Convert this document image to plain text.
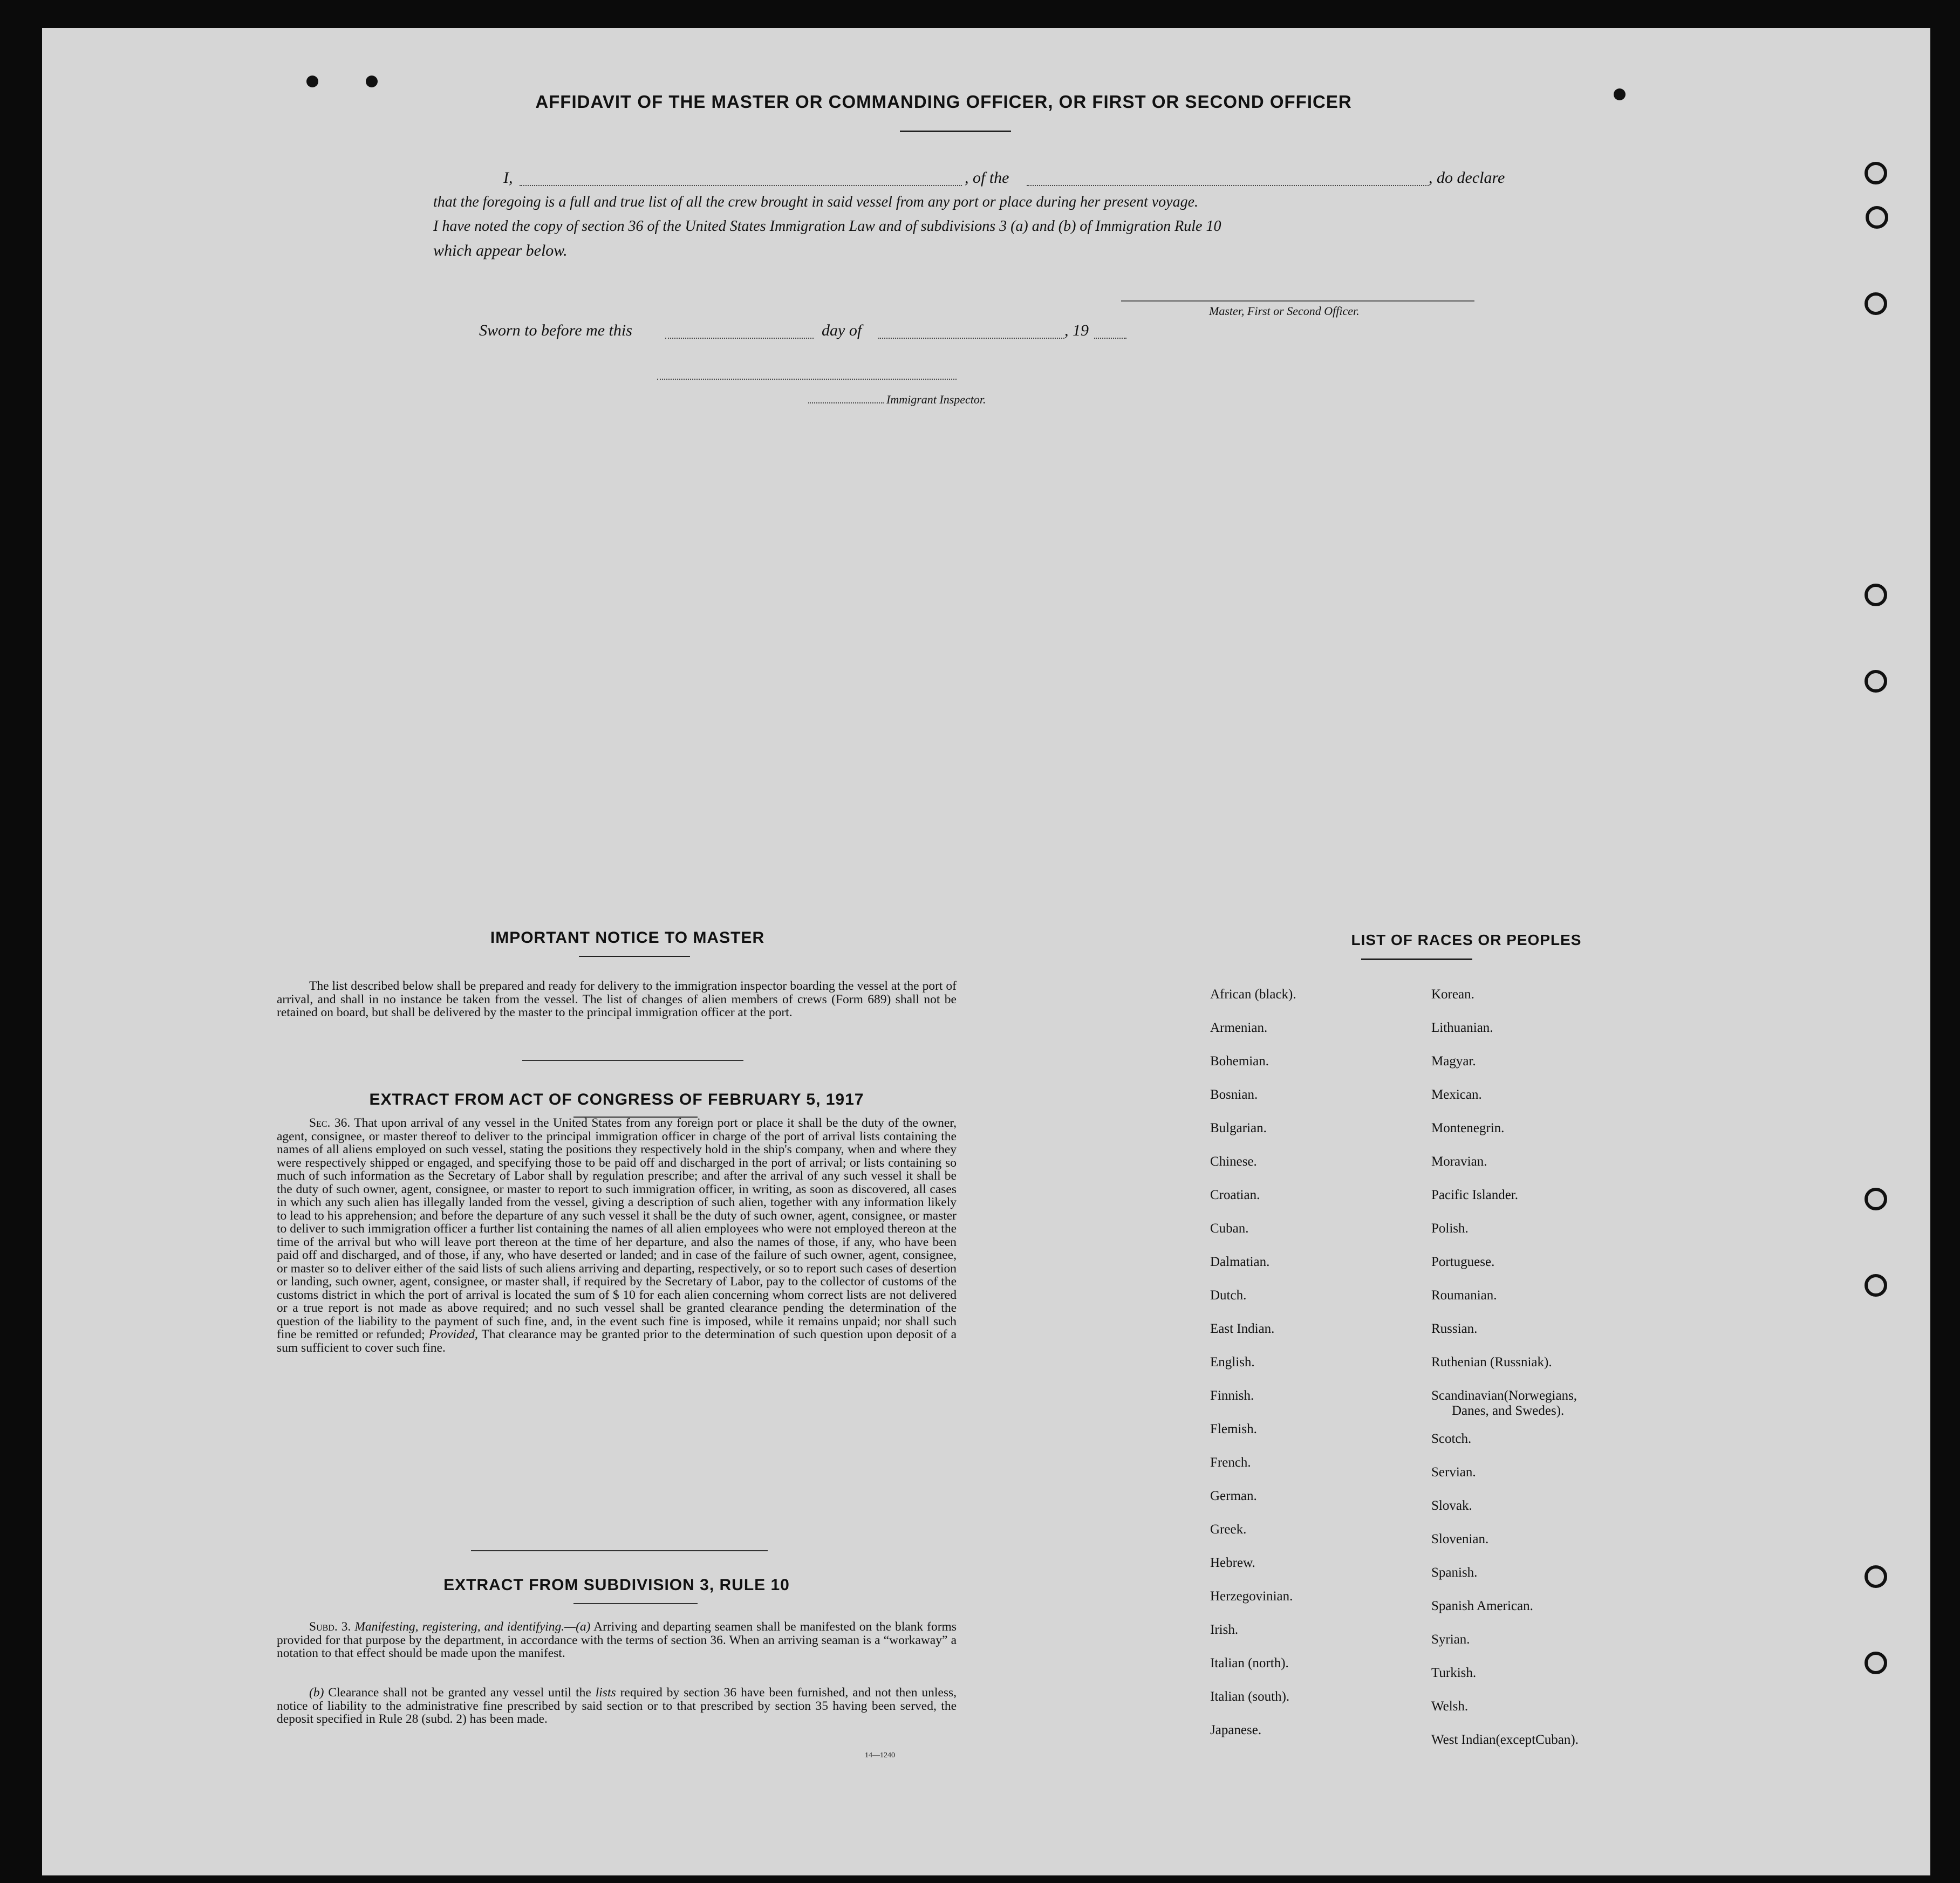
AFFIDAVIT OF THE MASTER OR COMMANDING OFFICER, OR FIRST OR SECOND OFFICER
I,	, of the	, do declare
that the foregoing is a full and true list of all the crew brought in said vessel from any port or place during her present voyage.
I have noted the copy of section 36 of the United States Immigration Law and of subdivisions 3 (a) and (b) of Immigration Rule 10
which appear below.
Master, First or Second Officer.
Sworn to before me this	day of	, 19
Immigrant Inspector.
IMPORTANT NOTICE TO MASTER

The list described below shall be prepared and ready for delivery to the immigration inspector boarding the vessel at the port of arrival, and shall in no instance be taken from the vessel. The list of changes of alien members of crews (Form 689) shall not be retained on board, but shall be delivered by the master to the principal immigration officer at the port.

EXTRACT FROM ACT OF CONGRESS OF FEBRUARY 5, 1917

Sec. 36. That upon arrival of any vessel in the United States from any foreign port or place it shall be the duty of the owner, agent, consignee, or master thereof to deliver to the principal immigration officer in charge of the port of arrival lists containing the names of all aliens employed on such vessel, stating the positions they respectively hold in the ship's company, when and where they were respectively shipped or engaged, and specifying those to be paid off and discharged in the port of arrival; or lists containing so much of such information as the Secretary of Labor shall by regulation prescribe; and after the arrival of any such vessel it shall be the duty of such owner, agent, consignee, or master to report to such immigration officer, in writing, as soon as discovered, all cases in which any such alien has illegally landed from the vessel, giving a description of such alien, together with any information likely to lead to his apprehension; and before the departure of any such vessel it shall be the duty of such owner, agent, consignee, or master to deliver to such immigration officer a further list containing the names of all alien employees who were not employed thereon at the time of the arrival but who will leave port thereon at the time of her departure, and also the names of those, if any, who have been paid off and discharged, and of those, if any, who have deserted or landed; and in case of the failure of such owner, agent, consignee, or master so to deliver either of the said lists of such aliens arriving and departing, respectively, or so to report such cases of desertion or landing, such owner, agent, consignee, or master shall, if required by the Secretary of Labor, pay to the collector of customs of the customs district in which the port of arrival is located the sum of $ 10 for each alien concerning whom correct lists are not delivered or a true report is not made as above required; and no such vessel shall be granted clearance pending the determination of the question of the liability to the payment of such fine, and, in the event such fine is imposed, while it remains unpaid; nor shall such fine be remitted or refunded; Provided, That clearance may be granted prior to the determination of such question upon deposit of a sum sufficient to cover such fine.

EXTRACT FROM SUBDIVISION 3, RULE 10

Subd. 3. Manifesting, registering, and identifying.—(a) Arriving and departing seamen shall be manifested on the blank forms provided for that purpose by the department, in accordance with the terms of section 36. When an arriving seaman is a “workaway” a notation to that effect should be made upon the manifest.

(b) Clearance shall not be granted any vessel until the lists required by section 36 have been furnished, and not then unless, notice of liability to the administrative fine prescribed by said section or to that prescribed by section 35 having been served, the deposit specified in Rule 28 (subd. 2) has been made.

14—1240
LIST OF RACES OR PEOPLES
African (black).
Armenian.
Bohemian.
Bosnian.
Bulgarian.
Chinese.
Croatian.
Cuban.
Dalmatian.
Dutch.
East Indian.
English.
Finnish.
Flemish.
French.
German.
Greek.
Hebrew.
Herzegovinian.
Irish.
Italian (north).
Italian (south).
Japanese.
Korean.
Lithuanian.
Magyar.
Mexican.
Montenegrin.
Moravian.
Pacific Islander.
Polish.
Portuguese.
Roumanian.
Russian.
Ruthenian (Russniak).
Scandinavian(Norwegians,
Scotch.
Servian.
Slovak.
Slovenian.
Spanish.
Spanish American.
Syrian.
Turkish.
Welsh.
West Indian(exceptCuban).
Danes, and Swedes).
